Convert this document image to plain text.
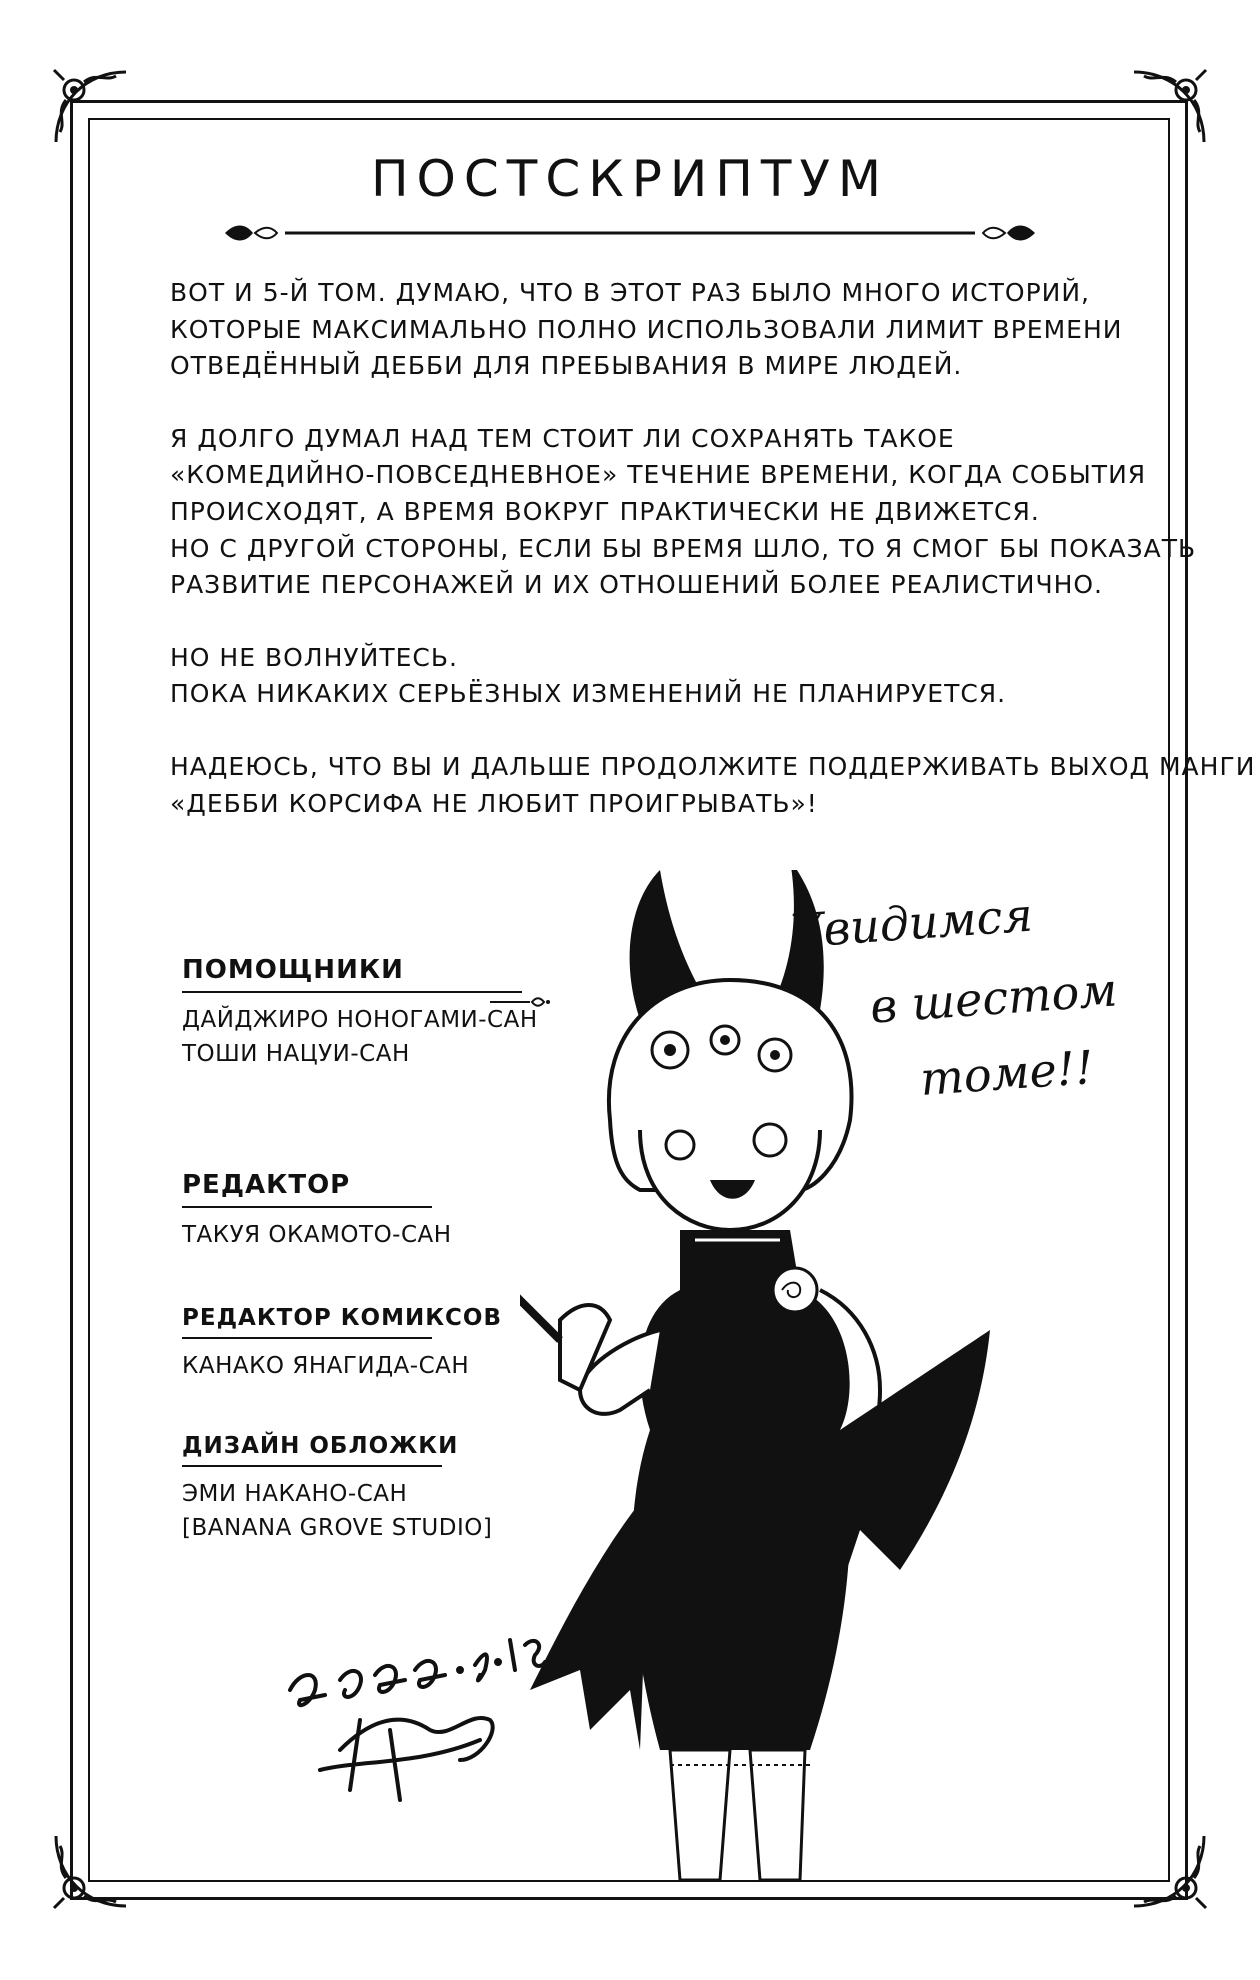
ПОСТСКРИПТУМ
ВОТ И 5-Й ТОМ. ДУМАЮ, ЧТО В ЭТОТ РАЗ БЫЛО МНОГО ИСТОРИЙ,
КОТОРЫЕ МАКСИМАЛЬНО ПОЛНО ИСПОЛЬЗОВАЛИ ЛИМИТ ВРЕМЕНИ
ОТВЕДЁННЫЙ ДЕББИ ДЛЯ ПРЕБЫВАНИЯ В МИРЕ ЛЮДЕЙ.
Я ДОЛГО ДУМАЛ НАД ТЕМ СТОИТ ЛИ СОХРАНЯТЬ ТАКОЕ
«КОМЕДИЙНО-ПОВСЕДНЕВНОЕ» ТЕЧЕНИЕ ВРЕМЕНИ, КОГДА СОБЫТИЯ
ПРОИСХОДЯТ, А ВРЕМЯ ВОКРУГ ПРАКТИЧЕСКИ НЕ ДВИЖЕТСЯ.
НО С ДРУГОЙ СТОРОНЫ, ЕСЛИ БЫ ВРЕМЯ ШЛО, ТО Я СМОГ БЫ ПОКАЗАТЬ
РАЗВИТИЕ ПЕРСОНАЖЕЙ И ИХ ОТНОШЕНИЙ БОЛЕЕ РЕАЛИСТИЧНО.
НО НЕ ВОЛНУЙТЕСЬ.
ПОКА НИКАКИХ СЕРЬЁЗНЫХ ИЗМЕНЕНИЙ НЕ ПЛАНИРУЕТСЯ.
НАДЕЮСЬ, ЧТО ВЫ И ДАЛЬШЕ ПРОДОЛЖИТЕ ПОДДЕРЖИВАТЬ ВЫХОД МАНГИ
«ДЕББИ КОРСИФА НЕ ЛЮБИТ ПРОИГРЫВАТЬ»!
ПОМОЩНИКИ
ДАЙДЖИРО НОНОГАМИ-САН
ТОШИ НАЦУИ-САН
РЕДАКТОР
ТАКУЯ ОКАМОТО-САН
РЕДАКТОР КОМИКСОВ
КАНАКО ЯНАГИДА-САН
ДИЗАЙН ОБЛОЖКИ
ЭМИ НАКАНО-САН
[BANANA GROVE STUDIO]
Увидимся
в шестом
томе!!
